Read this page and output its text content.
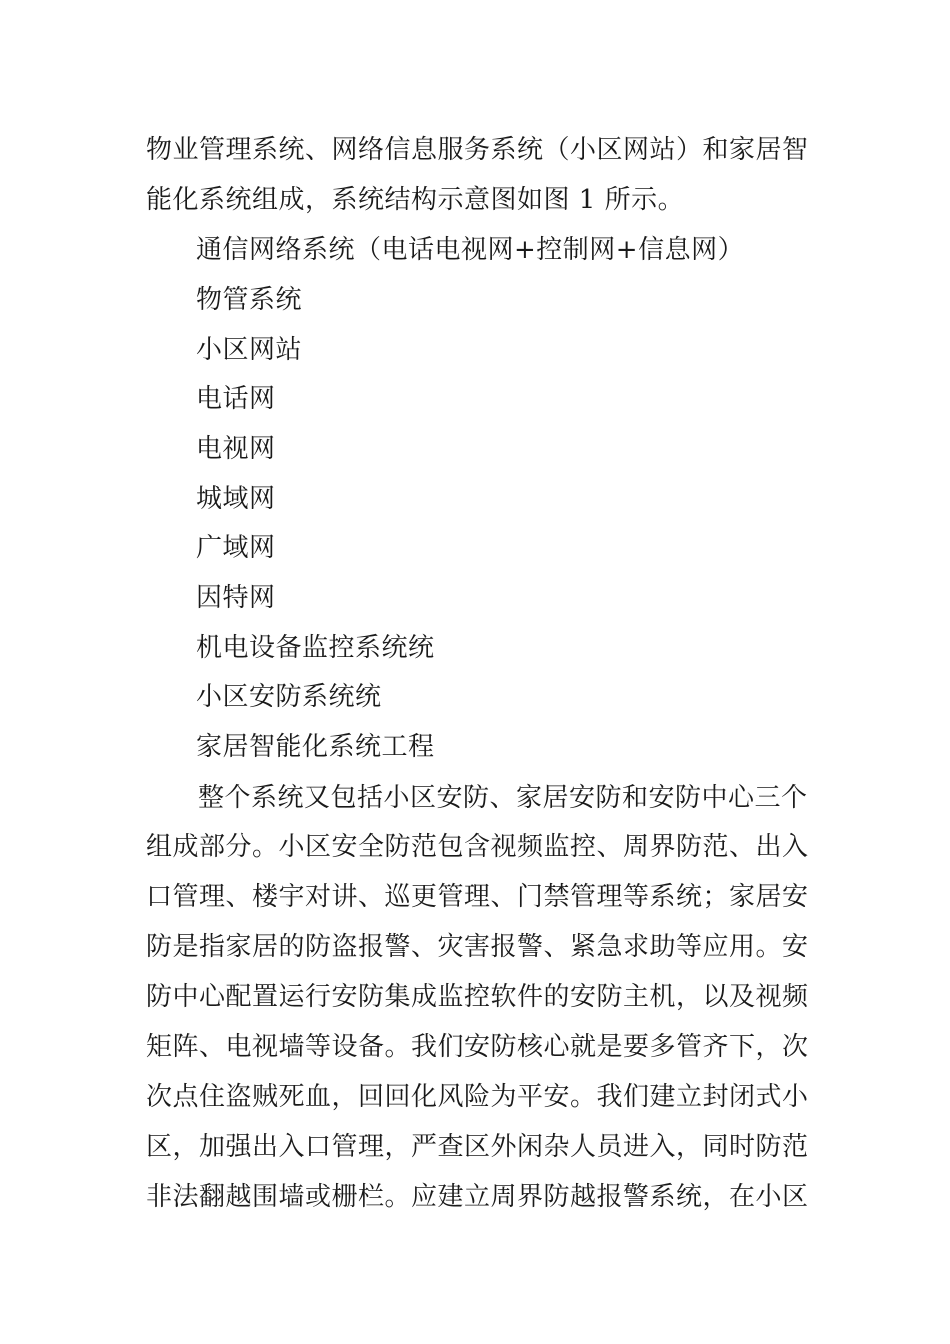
物业管理系统、网络信息服务系统（小区网站）和家居智
能化系统组成，系统结构示意图如图 1 所示。
通信网络系统（电话电视网+控制网+信息网）
物管系统
小区网站
电话网
电视网
城域网
广域网
因特网
机电设备监控系统统
小区安防系统统
家居智能化系统工程
整个系统又包括小区安防、家居安防和安防中心三个
组成部分。小区安全防范包含视频监控、周界防范、出入
口管理、楼宇对讲、巡更管理、门禁管理等系统；家居安
防是指家居的防盗报警、灾害报警、紧急求助等应用。安
防中心配置运行安防集成监控软件的安防主机，以及视频
矩阵、电视墙等设备。我们安防核心就是要多管齐下，次
次点住盗贼死血，回回化风险为平安。我们建立封闭式小
区，加强出入口管理，严查区外闲杂人员进入，同时防范
非法翻越围墙或栅栏。应建立周界防越报警系统，在小区
